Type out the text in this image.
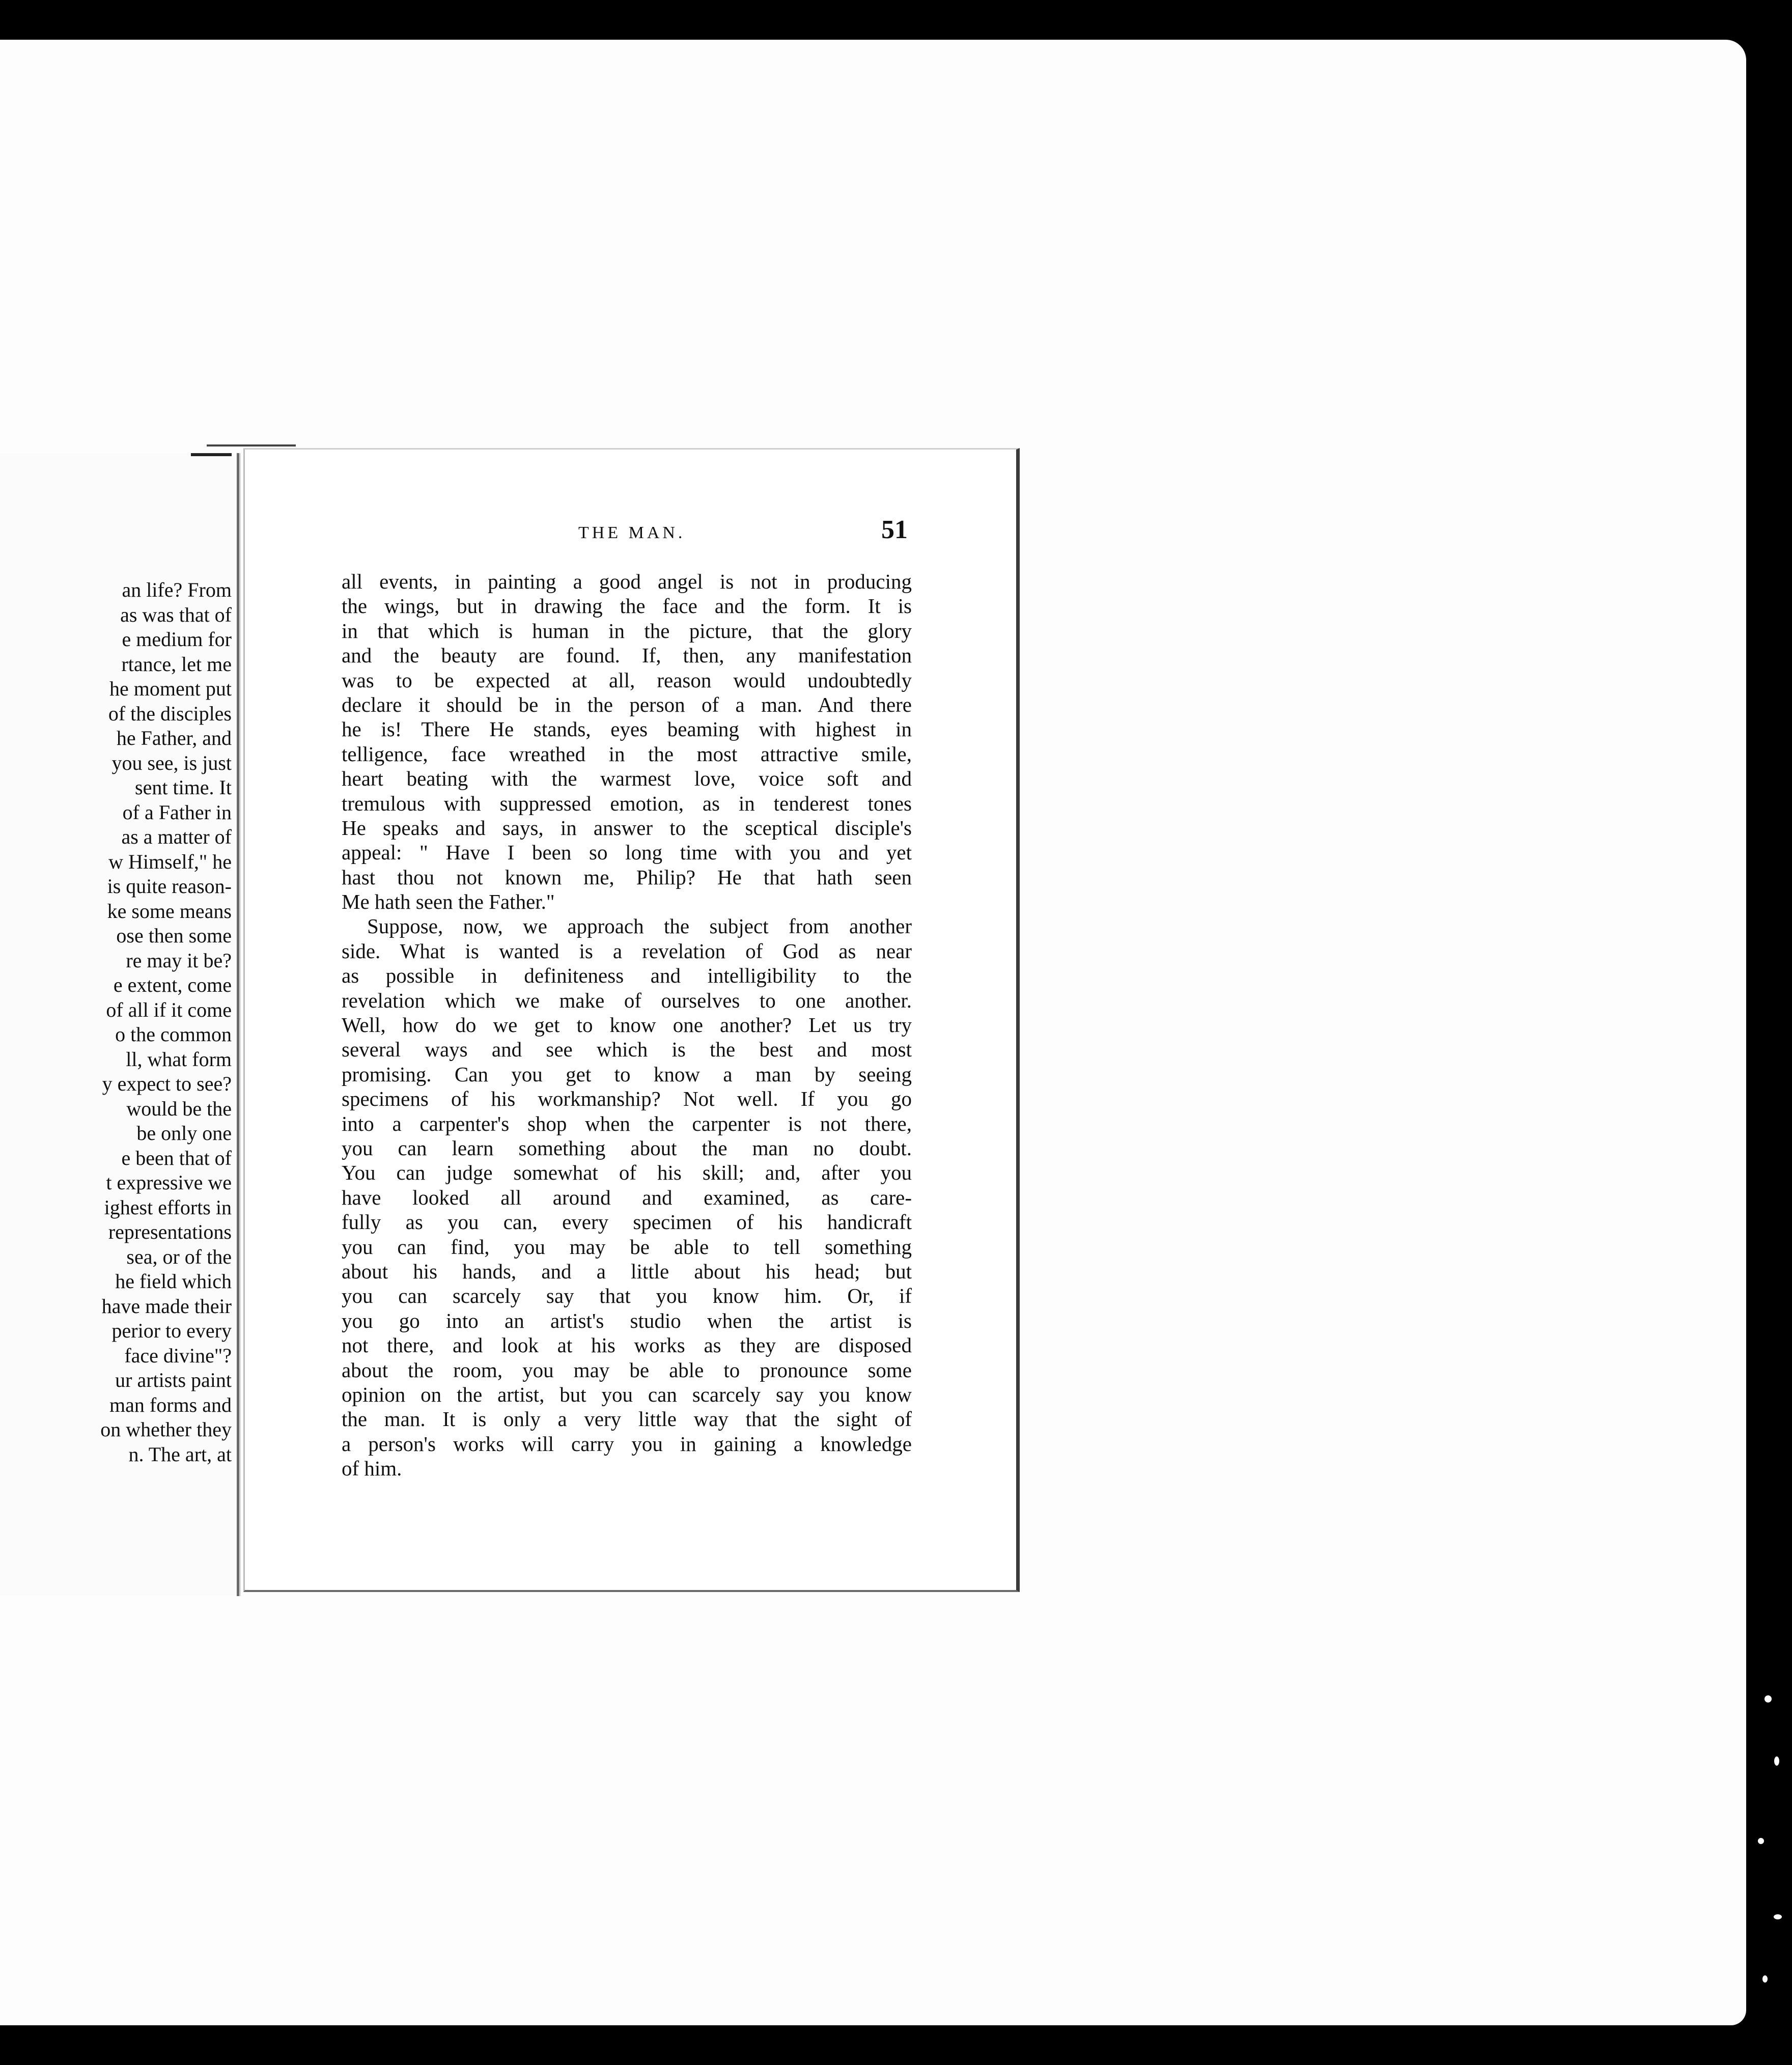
an life? From
as was that of
e medium for
rtance, let me
he moment put
of the disciples
he Father, and
you see, is just
sent time. It
of a Father in
as a matter of
w Himself," he
is quite reason-
ke some means
ose then some
re may it be?
e extent, come
of all if it come
o the common
ll, what form
y expect to see?
would be the
be only one
e been that of
t expressive we
ighest efforts in
representations
sea, or of the
he field which
have made their
perior to every
face divine"?
ur artists paint
man forms and
on whether they
n. The art, at
THE MAN.	51
all events, in painting a good angel is not in producing
the wings, but in drawing the face and the form. It is
in that which is human in the picture, that the glory
and the beauty are found. If, then, any manifestation
was to be expected at all, reason would undoubtedly
declare it should be in the person of a man. And there
he is! There He stands, eyes beaming with highest in
telligence, face wreathed in the most attractive smile,
heart beating with the warmest love, voice soft and
tremulous with suppressed emotion, as in tenderest tones
He speaks and says, in answer to the sceptical disciple's
appeal: " Have I been so long time with you and yet
hast thou not known me, Philip? He that hath seen
Me hath seen the Father."
Suppose, now, we approach the subject from another
side. What is wanted is a revelation of God as near
as possible in definiteness and intelligibility to the
revelation which we make of ourselves to one another.
Well, how do we get to know one another? Let us try
several ways and see which is the best and most
promising. Can you get to know a man by seeing
specimens of his workmanship? Not well. If you go
into a carpenter's shop when the carpenter is not there,
you can learn something about the man no doubt.
You can judge somewhat of his skill; and, after you
have looked all around and examined, as care-
fully as you can, every specimen of his handicraft
you can find, you may be able to tell something
about his hands, and a little about his head; but
you can scarcely say that you know him. Or, if
you go into an artist's studio when the artist is
not there, and look at his works as they are disposed
about the room, you may be able to pronounce some
opinion on the artist, but you can scarcely say you know
the man. It is only a very little way that the sight of
a person's works will carry you in gaining a knowledge
of him.
